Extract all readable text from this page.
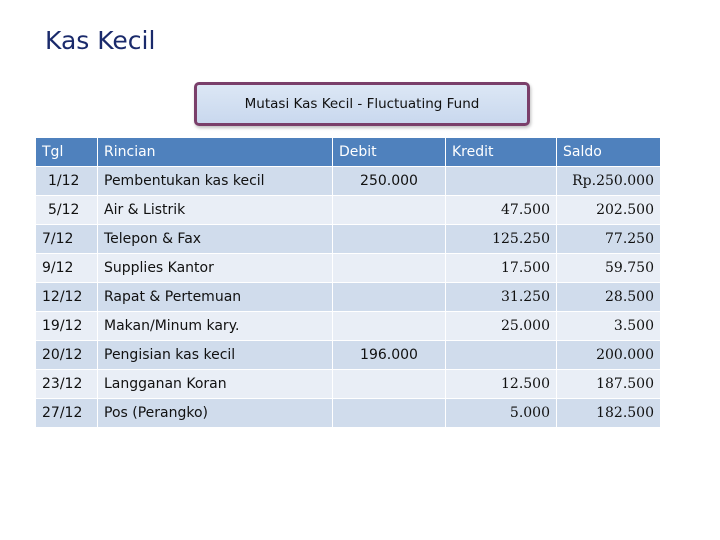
Kas Kecil
Mutasi Kas Kecil - Fluctuating Fund
Tgl	Rincian	Debit	Kredit	Saldo
1/12	Pembentukan kas kecil	250.000		Rp.250.000
5/12	Air & Listrik		47.500	202.500
7/12	Telepon & Fax		125.250	77.250
9/12	Supplies Kantor		17.500	59.750
12/12	Rapat & Pertemuan		31.250	28.500
19/12	Makan/Minum kary.		25.000	3.500
20/12	Pengisian kas kecil	196.000		200.000
23/12	Langganan Koran		12.500	187.500
27/12	Pos (Perangko)		5.000	182.500
